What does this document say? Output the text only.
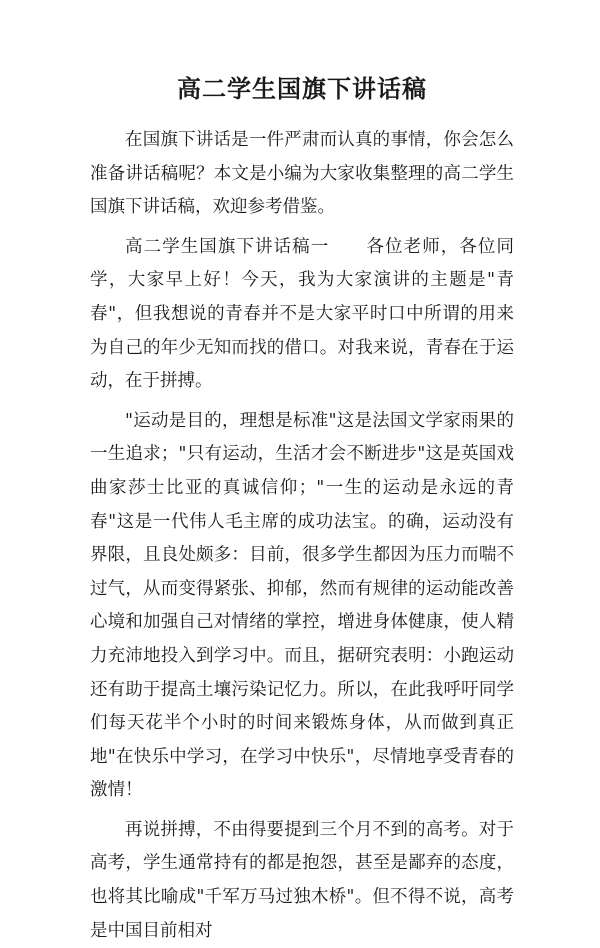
高二学生国旗下讲话稿

在国旗下讲话是一件严肃而认真的事情，你会怎么准备讲话稿呢？本文是小编为大家收集整理的高二学生国旗下讲话稿，欢迎参考借鉴。

高二学生国旗下讲话稿一　　各位老师，各位同学，大家早上好！今天，我为大家演讲的主题是"青春"，但我想说的青春并不是大家平时口中所谓的用来为自己的年少无知而找的借口。对我来说，青春在于运动，在于拼搏。

"运动是目的，理想是标准"这是法国文学家雨果的一生追求；"只有运动，生活才会不断进步"这是英国戏曲家莎士比亚的真诚信仰；"一生的运动是永远的青春"这是一代伟人毛主席的成功法宝。的确，运动没有界限，且良处颇多：目前，很多学生都因为压力而喘不过气，从而变得紧张、抑郁，然而有规律的运动能改善心境和加强自己对情绪的掌控，增进身体健康，使人精力充沛地投入到学习中。而且，据研究表明：小跑运动还有助于提高土壤污染记忆力。所以，在此我呼吁同学们每天花半个小时的时间来锻炼身体，从而做到真正地"在快乐中学习，在学习中快乐"，尽情地享受青春的激情！

再说拼搏，不由得要提到三个月不到的高考。对于高考，学生通常持有的都是抱怨，甚至是鄙弃的态度，也将其比喻成"千军万马过独木桥"。但不得不说，高考是中国目前相对
